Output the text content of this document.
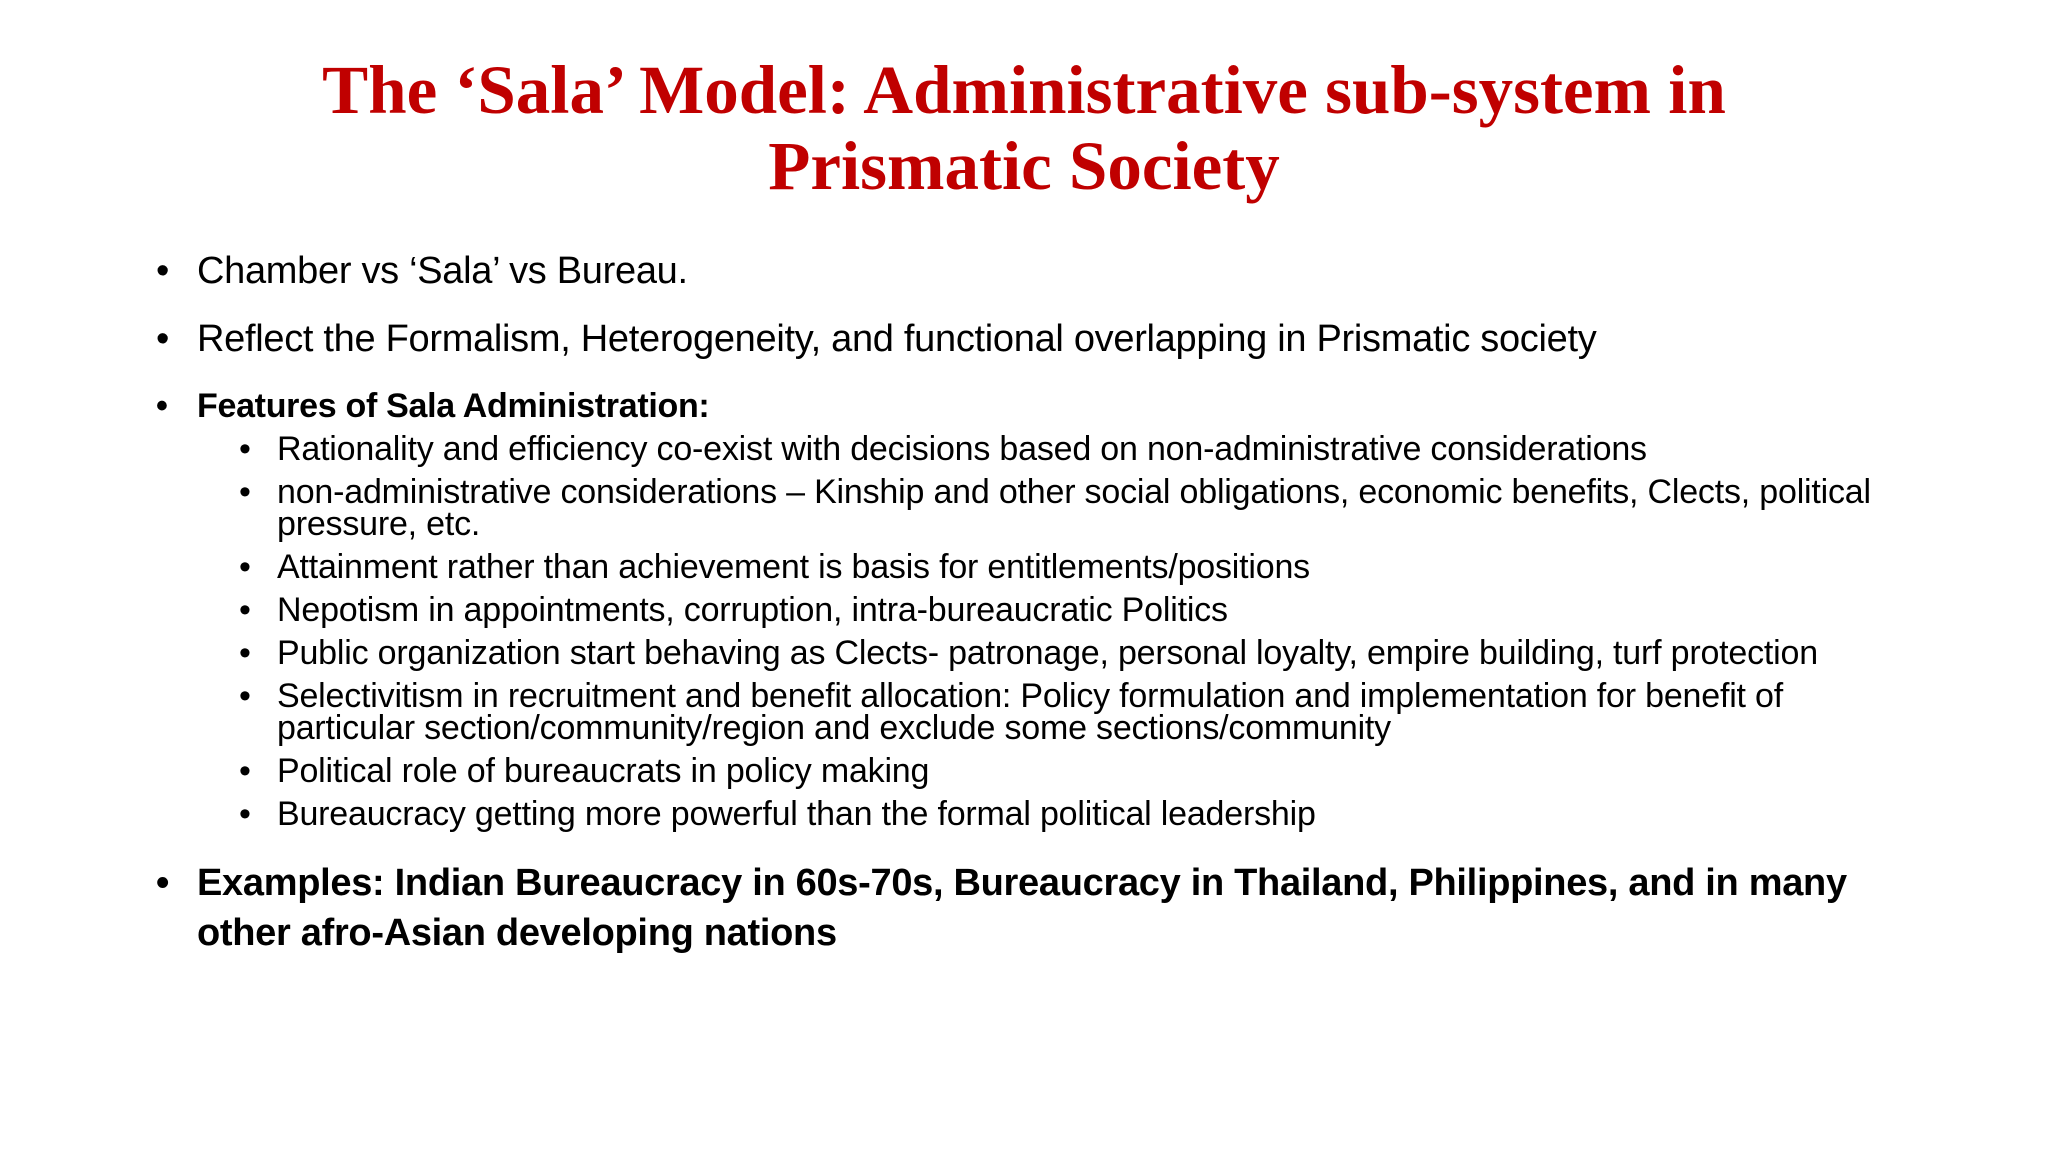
The ‘Sala’ Model: Administrative sub-system in
Prismatic Society
• Chamber vs ‘Sala’ vs Bureau.
• Reflect the Formalism, Heterogeneity, and functional overlapping in Prismatic society
• Features of Sala Administration:
• Rationality and efficiency co-exist with decisions based on non-administrative considerations
• non-administrative considerations – Kinship and other social obligations, economic benefits, Clects, political pressure, etc.
• Attainment rather than achievement is basis for entitlements/positions
• Nepotism in appointments, corruption, intra-bureaucratic Politics
• Public organization start behaving as Clects- patronage, personal loyalty, empire building, turf protection
• Selectivitism in recruitment and benefit allocation: Policy formulation and implementation for benefit of particular section/community/region and exclude some sections/community
• Political role of bureaucrats in policy making
• Bureaucracy getting more powerful than the formal political leadership
• Examples: Indian Bureaucracy in 60s-70s, Bureaucracy in Thailand, Philippines, and in many other afro-Asian developing nations
